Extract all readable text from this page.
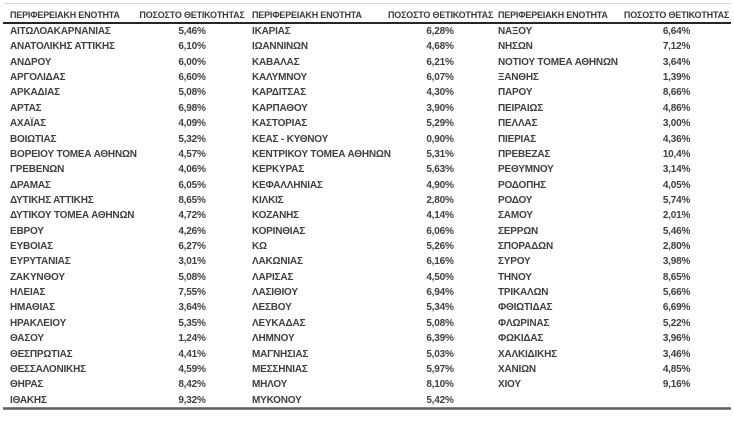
ΠΕΡΙΦΕΡΕΙΑΚΗ ΕΝΟΤΗΤΑ	ΠΟΣΟΣΤΟ ΘΕΤΙΚΟΤΗΤΑΣ
ΑΙΤΩΛΟΑΚΑΡΝΑΝΙΑΣ	5,46%
ΑΝΑΤΟΛΙΚΗΣ ΑΤΤΙΚΗΣ	6,10%
ΑΝΔΡΟΥ	6,00%
ΑΡΓΟΛΙΔΑΣ	6,60%
ΑΡΚΑΔΙΑΣ	5,08%
ΑΡΤΑΣ	6,98%
ΑΧΑΪΑΣ	4,09%
ΒΟΙΩΤΙΑΣ	5,32%
ΒΟΡΕΙΟΥ ΤΟΜΕΑ ΑΘΗΝΩΝ	4,57%
ΓΡΕΒΕΝΩΝ	4,06%
ΔΡΑΜΑΣ	6,05%
ΔΥΤΙΚΗΣ ΑΤΤΙΚΗΣ	8,65%
ΔΥΤΙΚΟΥ ΤΟΜΕΑ ΑΘΗΝΩΝ	4,72%
ΕΒΡΟΥ	4,26%
ΕΥΒΟΙΑΣ	6,27%
ΕΥΡΥΤΑΝΙΑΣ	3,01%
ΖΑΚΥΝΘΟΥ	5,08%
ΗΛΕΙΑΣ	7,55%
ΗΜΑΘΙΑΣ	3,64%
ΗΡΑΚΛΕΙΟΥ	5,35%
ΘΑΣΟΥ	1,24%
ΘΕΣΠΡΩΤΙΑΣ	4,41%
ΘΕΣΣΑΛΟΝΙΚΗΣ	4,59%
ΘΗΡΑΣ	8,42%
ΙΘΑΚΗΣ	9,32%
ΠΕΡΙΦΕΡΕΙΑΚΗ ΕΝΟΤΗΤΑ	ΠΟΣΟΣΤΟ ΘΕΤΙΚΟΤΗΤΑΣ
ΙΚΑΡΙΑΣ	6,28%
ΙΩΑΝΝΙΝΩΝ	4,68%
ΚΑΒΑΛΑΣ	6,21%
ΚΑΛΥΜΝΟΥ	6,07%
ΚΑΡΔΙΤΣΑΣ	4,30%
ΚΑΡΠΑΘΟΥ	3,90%
ΚΑΣΤΟΡΙΑΣ	5,29%
ΚΕΑΣ - ΚΥΘΝΟΥ	0,90%
ΚΕΝΤΡΙΚΟΥ ΤΟΜΕΑ ΑΘΗΝΩΝ	5,31%
ΚΕΡΚΥΡΑΣ	5,63%
ΚΕΦΑΛΛΗΝΙΑΣ	4,90%
ΚΙΛΚΙΣ	2,80%
ΚΟΖΑΝΗΣ	4,14%
ΚΟΡΙΝΘΙΑΣ	6,06%
ΚΩ	5,26%
ΛΑΚΩΝΙΑΣ	6,16%
ΛΑΡΙΣΑΣ	4,50%
ΛΑΣΙΘΙΟΥ	6,94%
ΛΕΣΒΟΥ	5,34%
ΛΕΥΚΑΔΑΣ	5,08%
ΛΗΜΝΟΥ	6,39%
ΜΑΓΝΗΣΙΑΣ	5,03%
ΜΕΣΣΗΝΙΑΣ	5,97%
ΜΗΛΟΥ	8,10%
ΜΥΚΟΝΟΥ	5,42%
ΠΕΡΙΦΕΡΕΙΑΚΗ ΕΝΟΤΗΤΑ	ΠΟΣΟΣΤΟ ΘΕΤΙΚΟΤΗΤΑΣ
ΝΑΞΟΥ	6,64%
ΝΗΣΩΝ	7,12%
ΝΟΤΙΟΥ ΤΟΜΕΑ ΑΘΗΝΩΝ	3,64%
ΞΑΝΘΗΣ	1,39%
ΠΑΡΟΥ	8,66%
ΠΕΙΡΑΙΩΣ	4,86%
ΠΕΛΛΑΣ	3,00%
ΠΙΕΡΙΑΣ	4,36%
ΠΡΕΒΕΖΑΣ	10,4%
ΡΕΘΥΜΝΟΥ	3,14%
ΡΟΔΟΠΗΣ	4,05%
ΡΟΔΟΥ	5,74%
ΣΑΜΟΥ	2,01%
ΣΕΡΡΩΝ	5,46%
ΣΠΟΡΑΔΩΝ	2,80%
ΣΥΡΟΥ	3,98%
ΤΗΝΟΥ	8,65%
ΤΡΙΚΑΛΩΝ	5,66%
ΦΘΙΩΤΙΔΑΣ	6,69%
ΦΛΩΡΙΝΑΣ	5,22%
ΦΩΚΙΔΑΣ	3,96%
ΧΑΛΚΙΔΙΚΗΣ	3,46%
ΧΑΝΙΩΝ	4,85%
ΧΙΟΥ	9,16%
